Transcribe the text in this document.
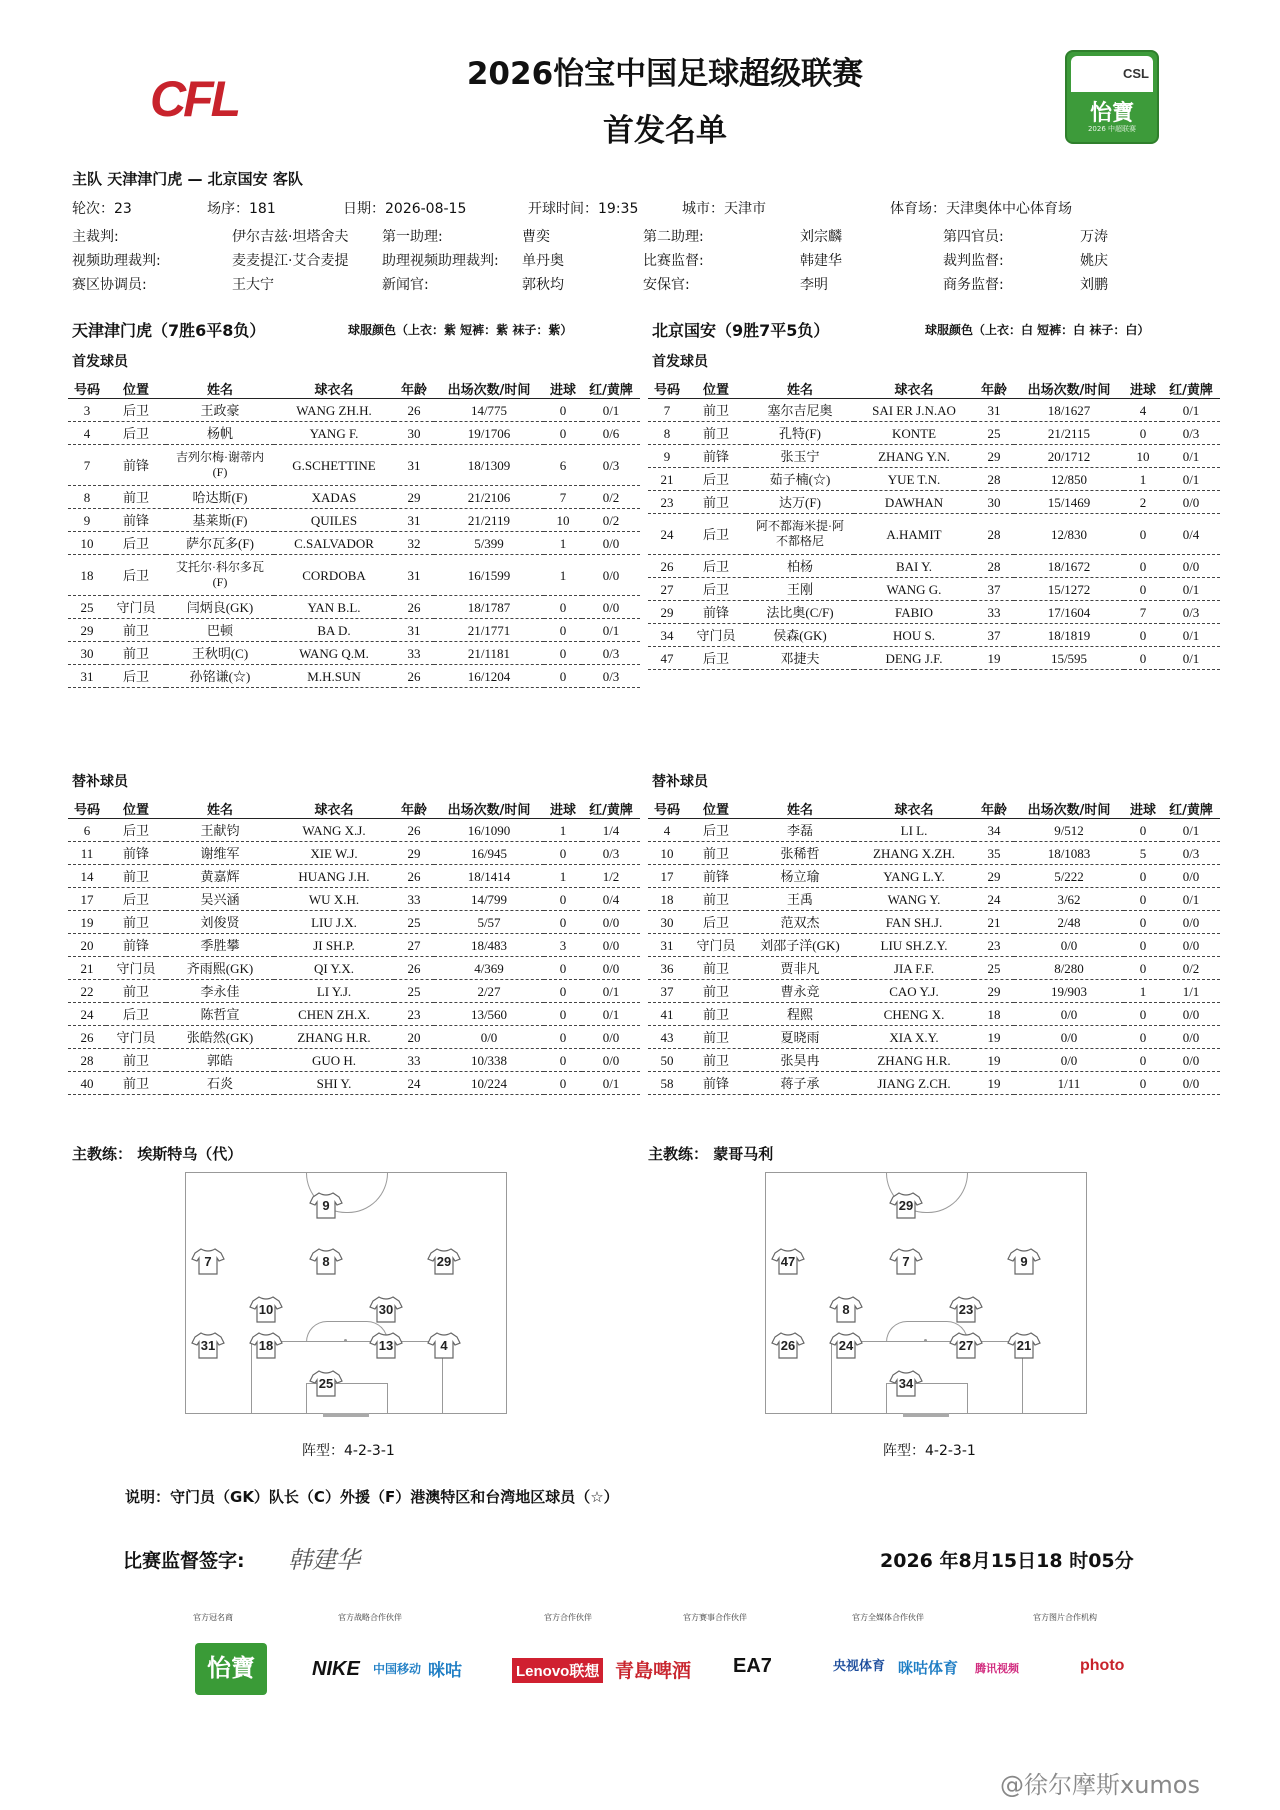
CFL	2026怡宝中国足球超级联赛
首发名单
CSL
怡寶
2026 中超联赛
主队 天津津门虎 — 北京国安 客队
轮次：23	场序：181	日期：2026-08-15	开球时间：19:35	城市：天津市	体育场：天津奥体中心体育场
主裁判:	伊尔吉兹·坦塔舍夫 第一助理:	曹奕	第二助理:	刘宗麟	第四官员:	万涛
视频助理裁判:	麦麦提江·艾合麦提 助理视频助理裁判: 单丹奥	比赛监督:	韩建华	裁判监督:	姚庆
赛区协调员:	王大宁	新闻官:	郭秋均	安保官:	李明	商务监督:	刘鹏
天津津门虎（7胜6平8负）	球服颜色（上衣：紫 短裤：紫 袜子：紫）	北京国安（9胜7平5负）	球服颜色（上衣：白 短裤：白 袜子：白）
首发球员	首发球员
号码	位置	姓名	球衣名	年龄	出场次数/时间	进球	红/黄牌
3	后卫	王政豪	WANG ZH.H.	26	14/775	0	0/1
4	后卫	杨帆	YANG F.	30	19/1706	0	0/6
7	前锋	吉列尔梅·谢蒂内(F)	G.SCHETTINE	31	18/1309	6	0/3
8	前卫	哈达斯(F)	XADAS	29	21/2106	7	0/2
9	前锋	基莱斯(F)	QUILES	31	21/2119	10	0/2
10	后卫	萨尔瓦多(F)	C.SALVADOR	32	5/399	1	0/0
18	后卫	艾托尔·科尔多瓦(F)	CORDOBA	31	16/1599	1	0/0
25	守门员	闫炳良(GK)	YAN B.L.	26	18/1787	0	0/0
29	前卫	巴顿	BA D.	31	21/1771	0	0/1
30	前卫	王秋明(C)	WANG Q.M.	33	21/1181	0	0/3
31	后卫	孙铭谦(☆)	M.H.SUN	26	16/1204	0	0/3
号码	位置	姓名	球衣名	年龄	出场次数/时间	进球	红/黄牌
7	前卫	塞尔吉尼奥	SAI ER J.N.AO	31	18/1627	4	0/1
8	前卫	孔特(F)	KONTE	25	21/2115	0	0/3
9	前锋	张玉宁	ZHANG Y.N.	29	20/1712	10	0/1
21	后卫	茹子楠(☆)	YUE T.N.	28	12/850	1	0/1
23	前卫	达万(F)	DAWHAN	30	15/1469	2	0/0
24	后卫	阿不都海米提·阿不都格尼	A.HAMIT	28	12/830	0	0/4
26	后卫	柏杨	BAI Y.	28	18/1672	0	0/0
27	后卫	王刚	WANG G.	37	15/1272	0	0/1
29	前锋	法比奥(C/F)	FABIO	33	17/1604	7	0/3
34	守门员	侯森(GK)	HOU S.	37	18/1819	0	0/1
47	后卫	邓捷夫	DENG J.F.	19	15/595	0	0/1
替补球员	替补球员
号码	位置	姓名	球衣名	年龄	出场次数/时间	进球	红/黄牌
6	后卫	王献钧	WANG X.J.	26	16/1090	1	1/4
11	前锋	谢维军	XIE W.J.	29	16/945	0	0/3
14	前卫	黄嘉辉	HUANG J.H.	26	18/1414	1	1/2
17	后卫	吴兴涵	WU X.H.	33	14/799	0	0/4
19	前卫	刘俊贤	LIU J.X.	25	5/57	0	0/0
20	前锋	季胜攀	JI SH.P.	27	18/483	3	0/0
21	守门员	齐雨熙(GK)	QI Y.X.	26	4/369	0	0/0
22	前卫	李永佳	LI Y.J.	25	2/27	0	0/1
24	后卫	陈哲宣	CHEN ZH.X.	23	13/560	0	0/1
26	守门员	张皓然(GK)	ZHANG H.R.	20	0/0	0	0/0
28	前卫	郭皓	GUO H.	33	10/338	0	0/0
40	前卫	石炎	SHI Y.	24	10/224	0	0/1
号码	位置	姓名	球衣名	年龄	出场次数/时间	进球	红/黄牌
4	后卫	李磊	LI L.	34	9/512	0	0/1
10	前卫	张稀哲	ZHANG X.ZH.	35	18/1083	5	0/3
17	前锋	杨立瑜	YANG L.Y.	29	5/222	0	0/0
18	前卫	王禹	WANG Y.	24	3/62	0	0/1
30	后卫	范双杰	FAN SH.J.	21	2/48	0	0/0
31	守门员	刘邵子洋(GK)	LIU SH.Z.Y.	23	0/0	0	0/0
36	前卫	贾非凡	JIA F.F.	25	8/280	0	0/2
37	前卫	曹永竞	CAO Y.J.	29	19/903	1	1/1
41	前卫	程熙	CHENG X.	18	0/0	0	0/0
43	前卫	夏晓雨	XIA X.Y.	19	0/0	0	0/0
50	前卫	张昊冉	ZHANG H.R.	19	0/0	0	0/0
58	前锋	蒋子承	JIANG Z.CH.	19	1/11	0	0/0
主教练： 埃斯特乌（代）	主教练： 蒙哥马利
9
7	8	29
10	30
31	18	13	4
25
29
47	7	9
8	23
26	24	27	21
34
阵型：4-2-3-1	阵型：4-2-3-1
说明：守门员（GK）队长（C）外援（F）港澳特区和台湾地区球员（☆）
比赛监督签字: 韩建华	2026 年8月15日18 时05分
官方冠名商	官方战略合作伙伴	官方合作伙伴	官方赛事合作伙伴	官方全媒体合作伙伴	官方图片合作机构
怡寶	NIKE 中国移动 咪咕	Lenovo联想 青島啤酒 EA7	央视体育 咪咕体育 腾讯视频	photo
@徐尔摩斯xumos
